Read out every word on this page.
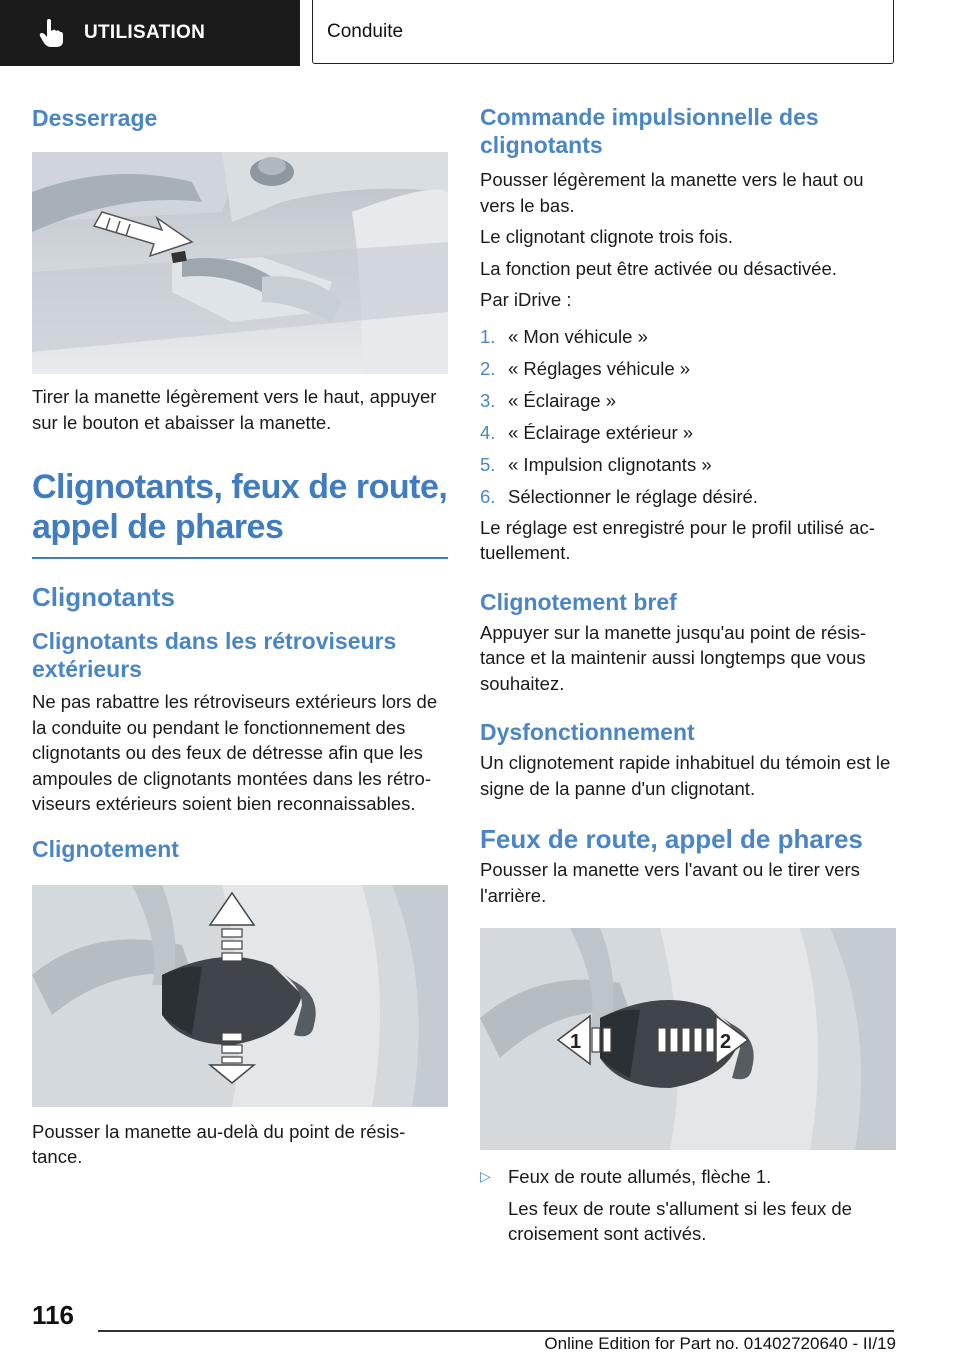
UTILISATION	Conduite
Desserrage

Tirer la manette légèrement vers le haut, appuyer sur le bouton et abaisser la manette.

Clignotants, feux de route,
appel de phares
Clignotants
Clignotants dans les rétroviseurs extérieurs

Ne pas rabattre les rétroviseurs extérieurs lors de la conduite ou pendant le fonctionnement des clignotants ou des feux de détresse afin que les ampoules de clignotants montées dans les rétroviseurs extérieurs soient bien reconnaissables.

Clignotement

Pousser la manette au-delà du point de résistance.

Commande impulsionnelle des clignotants

Pousser légèrement la manette vers le haut ou vers le bas.

Le clignotant clignote trois fois.

La fonction peut être activée ou désactivée.

Par iDrive :

1. « Mon véhicule »
2. « Réglages véhicule »
3. « Éclairage »
4. « Éclairage extérieur »
5. « Impulsion clignotants »
6. Sélectionner le réglage désiré.

Le réglage est enregistré pour le profil utilisé actuellement.

Clignotement bref

Appuyer sur la manette jusqu'au point de résistance et la maintenir aussi longtemps que vous souhaitez.

Dysfonctionnement

Un clignotement rapide inhabituel du témoin est le signe de la panne d'un clignotant.

Feux de route, appel de phares

Pousser la manette vers l'avant ou le tirer vers l'arrière.

1	2
▷ Feux de route allumés, flèche 1.

Les feux de route s'allument si les feux de croisement sont activés.

116
Online Edition for Part no. 01402720640 - II/19
